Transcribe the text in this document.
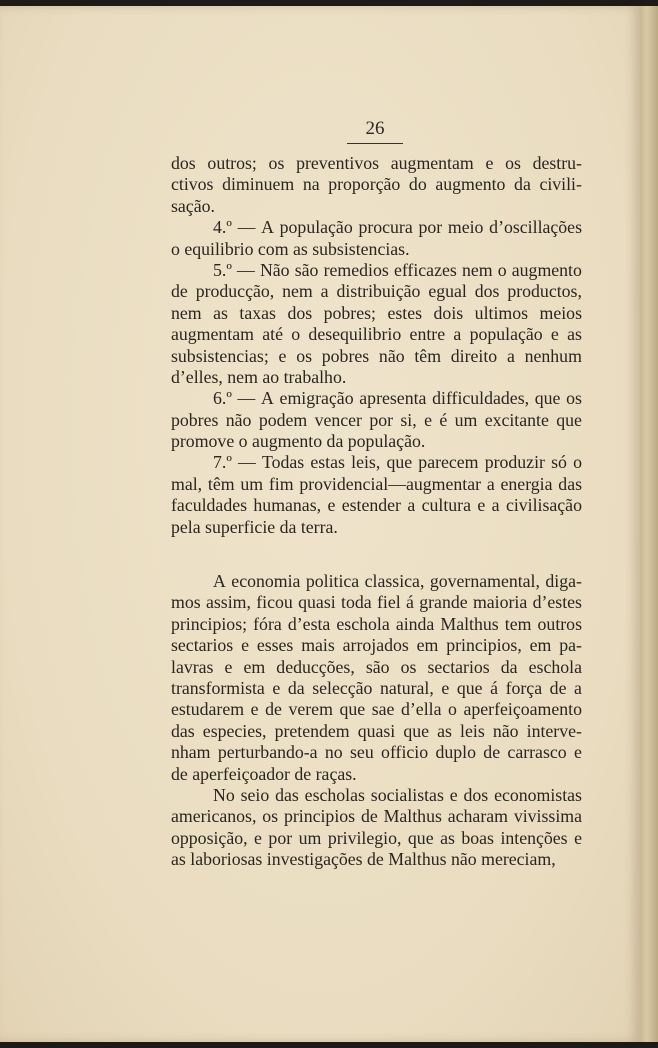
26
dos outros; os preventivos augmentam e os destru-
ctivos diminuem na proporção do augmento da civili-
sação.
4.º — A população procura por meio d’oscillações
o equilibrio com as subsistencias.
5.º — Não são remedios efficazes nem o augmento
de producção, nem a distribuição egual dos productos,
nem as taxas dos pobres; estes dois ultimos meios
augmentam até o desequilibrio entre a população e as
subsistencias; e os pobres não têm direito a nenhum
d’elles, nem ao trabalho.
6.º — A emigração apresenta difficuldades, que os
pobres não podem vencer por si, e é um excitante que
promove o augmento da população.
7.º — Todas estas leis, que parecem produzir só o
mal, têm um fim providencial—augmentar a energia das
faculdades humanas, e estender a cultura e a civilisação
pela superficie da terra.
A economia politica classica, governamental, diga-
mos assim, ficou quasi toda fiel á grande maioria d’estes
principios; fóra d’esta eschola ainda Malthus tem outros
sectarios e esses mais arrojados em principios, em pa-
lavras e em deducções, são os sectarios da eschola
transformista e da selecção natural, e que á força de a
estudarem e de verem que sae d’ella o aperfeiçoamento
das especies, pretendem quasi que as leis não interve-
nham perturbando-a no seu officio duplo de carrasco e
de aperfeiçoador de raças.
No seio das escholas socialistas e dos economistas
americanos, os principios de Malthus acharam vivissima
opposição, e por um privilegio, que as boas intenções e
as laboriosas investigações de Malthus não mereciam,
